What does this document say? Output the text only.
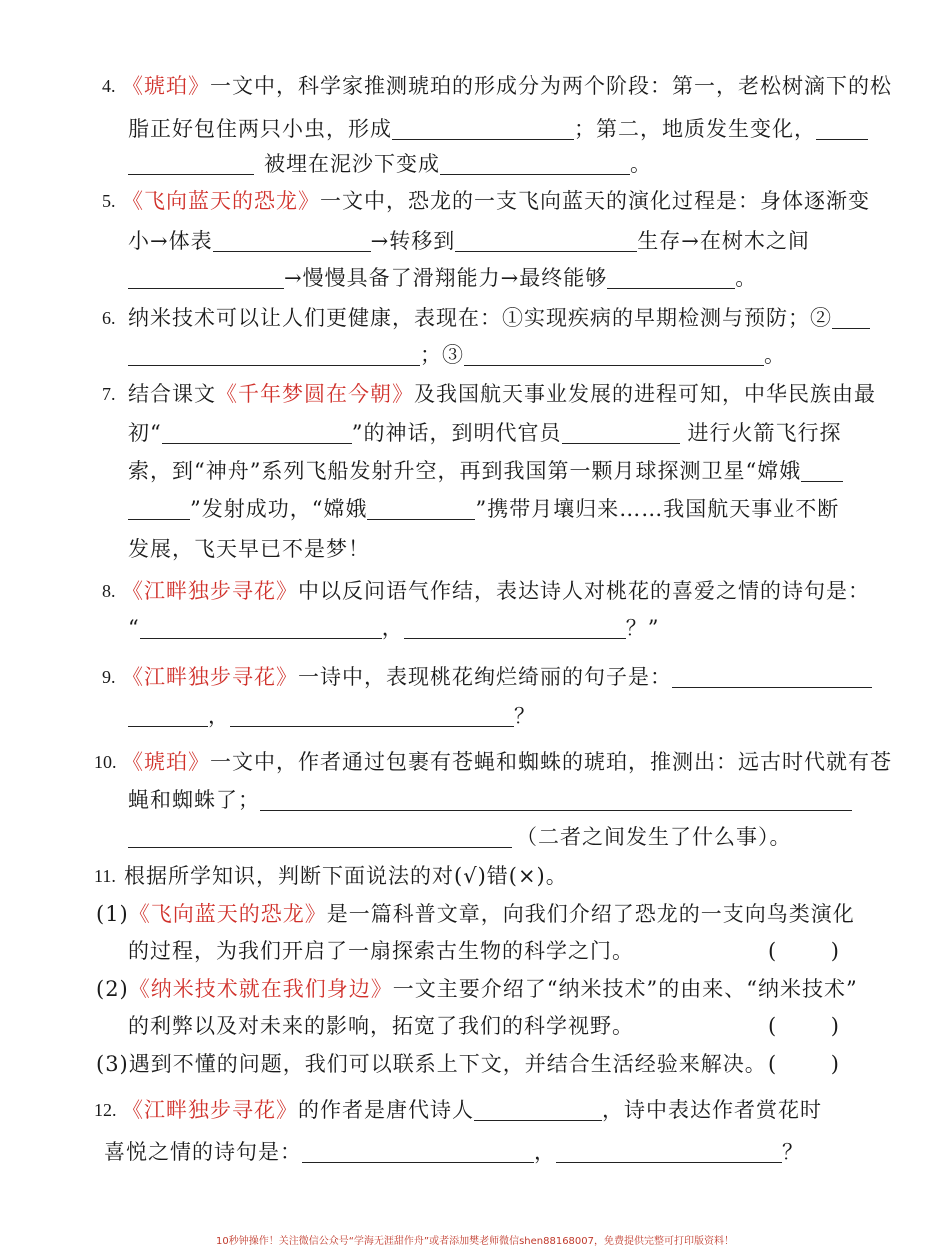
4. 《琥珀》一文中，科学家推测琥珀的形成分为两个阶段：第一，老松树滴下的松
脂正好包住两只小虫，形成	；第二，地质发生变化，
被埋在泥沙下变成	。
5. 《飞向蓝天的恐龙》一文中，恐龙的一支飞向蓝天的演化过程是：身体逐渐变
小→体表	→转移到	生存→在树木之间
→慢慢具备了滑翔能力→最终能够	。
6. 纳米技术可以让人们更健康，表现在：①实现疾病的早期检测与预防；②
；③	。
7. 结合课文《千年梦圆在今朝》及我国航天事业发展的进程可知，中华民族由最
初“	”的神话，到明代官员	进行火箭飞行探
索，到“神舟”系列飞船发射升空，再到我国第一颗月球探测卫星“嫦娥
”发射成功，“嫦娥	”携带月壤归来……我国航天事业不断
发展，飞天早已不是梦！
8. 《江畔独步寻花》中以反问语气作结，表达诗人对桃花的喜爱之情的诗句是：
“	，	？”
9. 《江畔独步寻花》一诗中，表现桃花绚烂绮丽的句子是：
，	？
10. 《琥珀》一文中，作者通过包裹有苍蝇和蜘蛛的琥珀，推测出：远古时代就有苍
蝇和蜘蛛了；
（二者之间发生了什么事）。
11. 根据所学知识，判断下面说法的对(√)错(×)。
(1)《飞向蓝天的恐龙》是一篇科普文章，向我们介绍了恐龙的一支向鸟类演化
的过程，为我们开启了一扇探索古生物的科学之门。	(	)
(2)《纳米技术就在我们身边》一文主要介绍了“纳米技术”的由来、“纳米技术”
的利弊以及对未来的影响，拓宽了我们的科学视野。	(	)
(3)遇到不懂的问题，我们可以联系上下文，并结合生活经验来解决。 (	)
12. 《江畔独步寻花》的作者是唐代诗人	，诗中表达作者赏花时
喜悦之情的诗句是：	，	？
10秒钟操作！关注微信公众号“学海无涯甜作舟”或者添加樊老师微信shen88168007，免费提供完整可打印版资料！
